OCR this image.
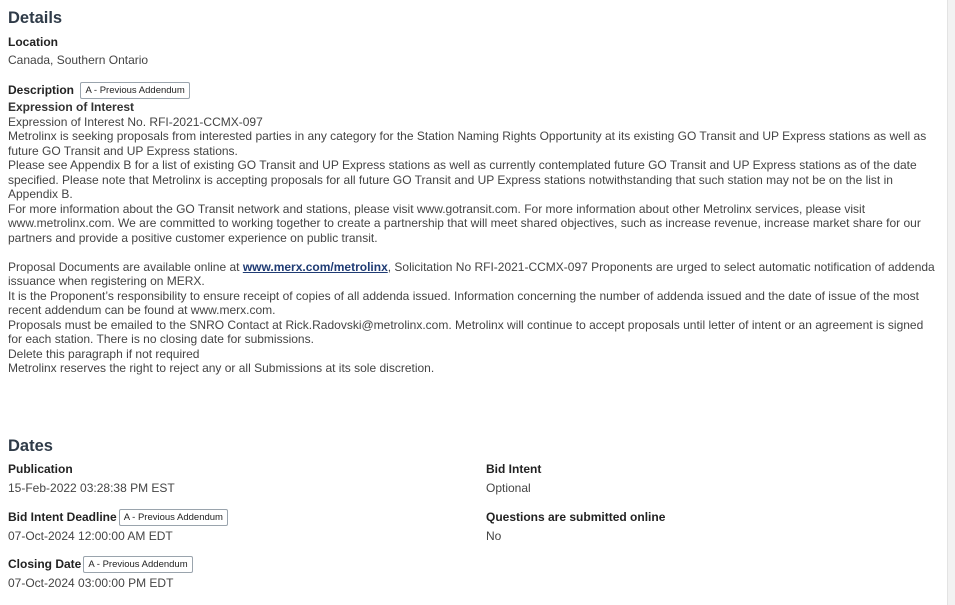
Details
Location
Canada, Southern Ontario
Description A - Previous Addendum

Expression of Interest

Expression of Interest No. RFI-2021-CCMX-097

Metrolinx is seeking proposals from interested parties in any category for the Station Naming Rights Opportunity at its existing GO Transit and UP Express stations as well as future GO Transit and UP Express stations.

Please see Appendix B for a list of existing GO Transit and UP Express stations as well as currently contemplated future GO Transit and UP Express stations as of the date specified. Please note that Metrolinx is accepting proposals for all future GO Transit and UP Express stations notwithstanding that such station may not be on the list in Appendix B.

For more information about the GO Transit network and stations, please visit www.gotransit.com. For more information about other Metrolinx services, please visit www.metrolinx.com. We are committed to working together to create a partnership that will meet shared objectives, such as increase revenue, increase market share for our partners and provide a positive customer experience on public transit.

Proposal Documents are available online at www.merx.com/metrolinx, Solicitation No RFI-2021-CCMX-097 Proponents are urged to select automatic notification of addenda issuance when registering on MERX.

It is the Proponent’s responsibility to ensure receipt of copies of all addenda issued. Information concerning the number of addenda issued and the date of issue of the most recent addendum can be found at www.merx.com.

Proposals must be emailed to the SNRO Contact at Rick.Radovski@metrolinx.com. Metrolinx will continue to accept proposals until letter of intent or an agreement is signed for each station. There is no closing date for submissions.

Delete this paragraph if not required

Metrolinx reserves the right to reject any or all Submissions at its sole discretion.

Dates
Publication
15-Feb-2022 03:28:38 PM EST
Bid Intent
Optional
Bid Intent Deadline A - Previous Addendum
07-Oct-2024 12:00:00 AM EDT
Questions are submitted online
No
Closing Date A - Previous Addendum
07-Oct-2024 03:00:00 PM EDT
